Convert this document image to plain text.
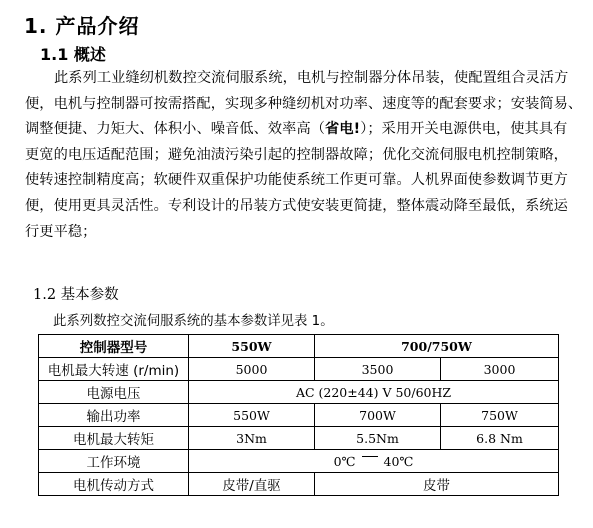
1. 产品介绍
1.1 概述
此系列工业缝纫机数控交流伺服系统，电机与控制器分体吊装，使配置组合灵活方
便，电机与控制器可按需搭配，实现多种缝纫机对功率、速度等的配套要求；安装简易、
调整便捷、力矩大、体积小、噪音低、效率高（省电!）；采用开关电源供电，使其具有
更宽的电压适配范围；避免油渍污染引起的控制器故障；优化交流伺服电机控制策略，
使转速控制精度高；软硬件双重保护功能使系统工作更可靠。人机界面使参数调节更方
便，使用更具灵活性。专利设计的吊装方式使安装更简捷，整体震动降至最低，系统运
行更平稳；
1.2 基本参数
此系列数控交流伺服系统的基本参数详见表 1。
控制器型号	550W	700/750W	
电机最大转速 (r/min)	5000	3500	3000
电源电压	AC (220±44) V 50/60HZ		
输出功率	550W	700W	750W
电机最大转矩	3Nm	5.5Nm	6.8 Nm
工作环境	0℃ 40℃		
电机传动方式	皮带/直驱	皮带	
